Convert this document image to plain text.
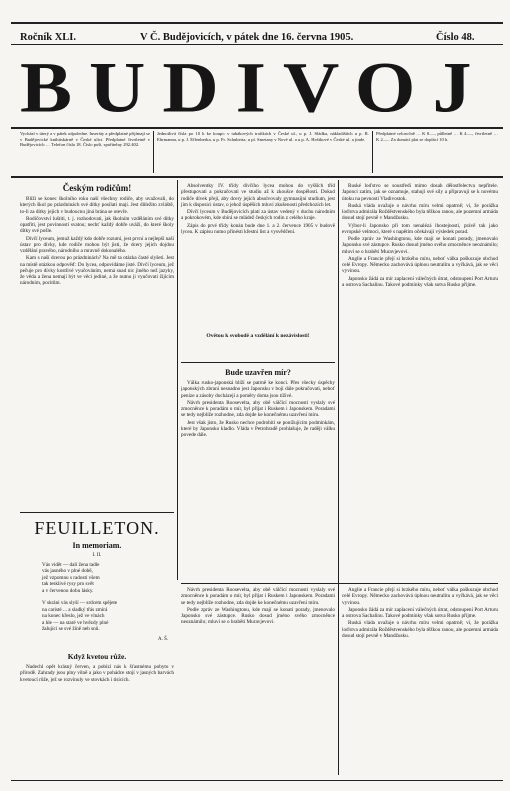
Ročník XLI.	V Č. Budějovicích, v pátek dne 16. června 1905.	Číslo 48.
BUDIVOJ
Vychází v úterý a v pátek odpoledne. Inseráty a předplatné přijímají se v Budějovické knihtiskárně v České ulici. Předplatné čtvrtletně v Budějovicích … Telefon čísla 18. Číslo pošt. spořitelny 292.402.
Jednotlivá čísla po 10 h ke koupi: v tabákových trafikách v České ul., u p. J. Sládka, nákladištích u p. R. Ehrmanna, u p. J. Effenberka, u p. Fr. Schuberta, u pí. Smetany v Nové ul. a u p. A. Hoštkové v České ul. a jinde.
Předplatné celoročně … K 8.—, půlletně … K 4.—, čtvrtletně … K 2.—. Za domácí plat se doplácí 10 h.
Českým rodičům!

Blíží se konec školního roku naší všechny rodiče, aby uvažovali, do kterých škol po prázdninách své dítky posílati mají. Jest důležito zvláště, to-li za dítky jejich v budoucnu jiná brána se otevře.

Rodičovství luštiti, t. j. rozhodovati, jak školním vzděláním své dítky opatřiti, jest povinností svatou; nechť každý dobře uváží, do které školy dítky své pošle.

Dívčí lyceum, jemuž každý kdo dobře rozumí, jest první a nejlepší naší ústav pro dívky, kde rodiče mohou být jisti, že dcery jejich dojdou vzdělání pravého, národního a mravně dokonalého.

Kam s naší dcerou po prázdninách? Na mě ta otázka časté slyšeti. Jest na místě otázkou odpověď: Do lycea, odpovídáme jisté. Dívčí lyceum, jež pečuje pro dívky kostlivé vyučováním, nemá snad nic jiného než jazyky, že věda a žena nemají být ve věci jediné, a že nutno ji vyučovati žijícím národním, pocitům.

FEUILLETON.
In memoriam.
I. II.
Vás vidět — dalí žena tadle
vás jasného v plné době,
jež vzpomnu s radostí všem
tak tesklivé rysy pro svět
a v červenou dobu lásky.

V skráni vás slyší — srdcem spějete
na caristé ... a sladký třás zmírá
na konec křeslo, jež ve vlnách
a hle — na staré ve hvězdy plné
žalující se své žíně neb snů.
A. Š.
Když kvetou růže.

Nadechl opět krásný červen, a pobízí nás k šťastnému pobytu v přírodě. Zahrady jsou plny vůně a jako v pohádce stojí v jasných barvách kvetoucí růže, jež se rozvinuly ve stovkách i tisících.

Absolventky IV. třídy dívčího lycea mohou do vyšších tříd přestupovati a pokračovati ve studiu až k zkoušce dospělosti. Dokud rodiče dívek přejí, aby dcery jejich absolvovaly gymnasijní studium, jest jim k disposici ústav, o jehož úspěších mluví zkušenosti předchozích let.

Dívčí lyceum v Budějovicích platí za ústav vedený v duchu národním a pokrokovém, kde sbírá se mládež českých rodin z celého kraje.

Zápis do prvé třídy konán bude dne 1. a 2. července 1905 v budově lycea. K zápisu nutno přinésti křestní list a vysvědčení.

Ovětou k svobodě a vzdělání k nezávislosti!
Bude uzavřen mír?

Válka rusko-japonská blíží se patrně ke konci. Přes všecky úspěchy japonských zbraní nesnadno jest Japonsku v boji dále pokračovati, neboť peníze a zásoby docházejí a poměry doma jsou tíživé.

Návrh presidenta Roosevelta, aby obě válčící mocnosti vyslaly své zmocněnce k poradám o mír, byl přijat i Ruskem i Japonskem. Poradami se tedy nejblíže rozhodne, zda dojde ke konečnému uzavření míru.

Jest však jisto, že Rusko nechce podrobiti se ponížujícím podmínkám, které by Japonsko kladlo. Vláda v Petrohradě prohlašuje, že raději válku povede dále.

Ruské loďstvo se soustředí mimo dosah dělostřelectva nepřítele. Japonci zatím, jak se oznamuje, stahují své síly a připravují se k novému útoku na pevnosti Vladivostok.

Ruská vláda uvažuje o návrhu míru velmi opatrně; ví, že porážka loďstva admirála Rožděstvenského byla těžkou ranou, ale pozemní armáda dosud stojí pevně v Mandžusku.

Výbor-li Japonsko při tom nenalézá lhostejnosti, právě tak jako evropské velmoci, které s napětím očekávají výsledek porad.

Podle zpráv ze Washingtonu, kde mají se konati porady, jmenovalo Japonsko své zástupce. Rusko dosud jméno svého zmocněnce neoznámilo; mluví se o hraběti Muravjevovi.

Anglie a Francie přejí si brzkého míru, neboť válka poškozuje obchod celé Evropy. Německo zachovává úplnou neutralitu a vyčkává, jak se věci vyvinou.

Japonsko žádá za mír zaplacení válečných útrat, odstoupení Port Arturu a ostrova Sachalinu. Takové podmínky však sotva Rusko přijme.

Návrh presidenta Roosevelta, aby obě válčící mocnosti vyslaly své zmocněnce k poradám o mír, byl přijat i Ruskem i Japonskem. Poradami se tedy nejblíže rozhodne, zda dojde ke konečnému uzavření míru.

Podle zpráv ze Washingtonu, kde mají se konati porady, jmenovalo Japonsko své zástupce. Rusko dosud jméno svého zmocněnce neoznámilo; mluví se o hraběti Muravjevovi.

Anglie a Francie přejí si brzkého míru, neboť válka poškozuje obchod celé Evropy. Německo zachovává úplnou neutralitu a vyčkává, jak se věci vyvinou.

Japonsko žádá za mír zaplacení válečných útrat, odstoupení Port Arturu a ostrova Sachalinu. Takové podmínky však sotva Rusko přijme.

Ruská vláda uvažuje o návrhu míru velmi opatrně; ví, že porážka loďstva admirála Rožděstvenského byla těžkou ranou, ale pozemní armáda dosud stojí pevně v Mandžusku.
